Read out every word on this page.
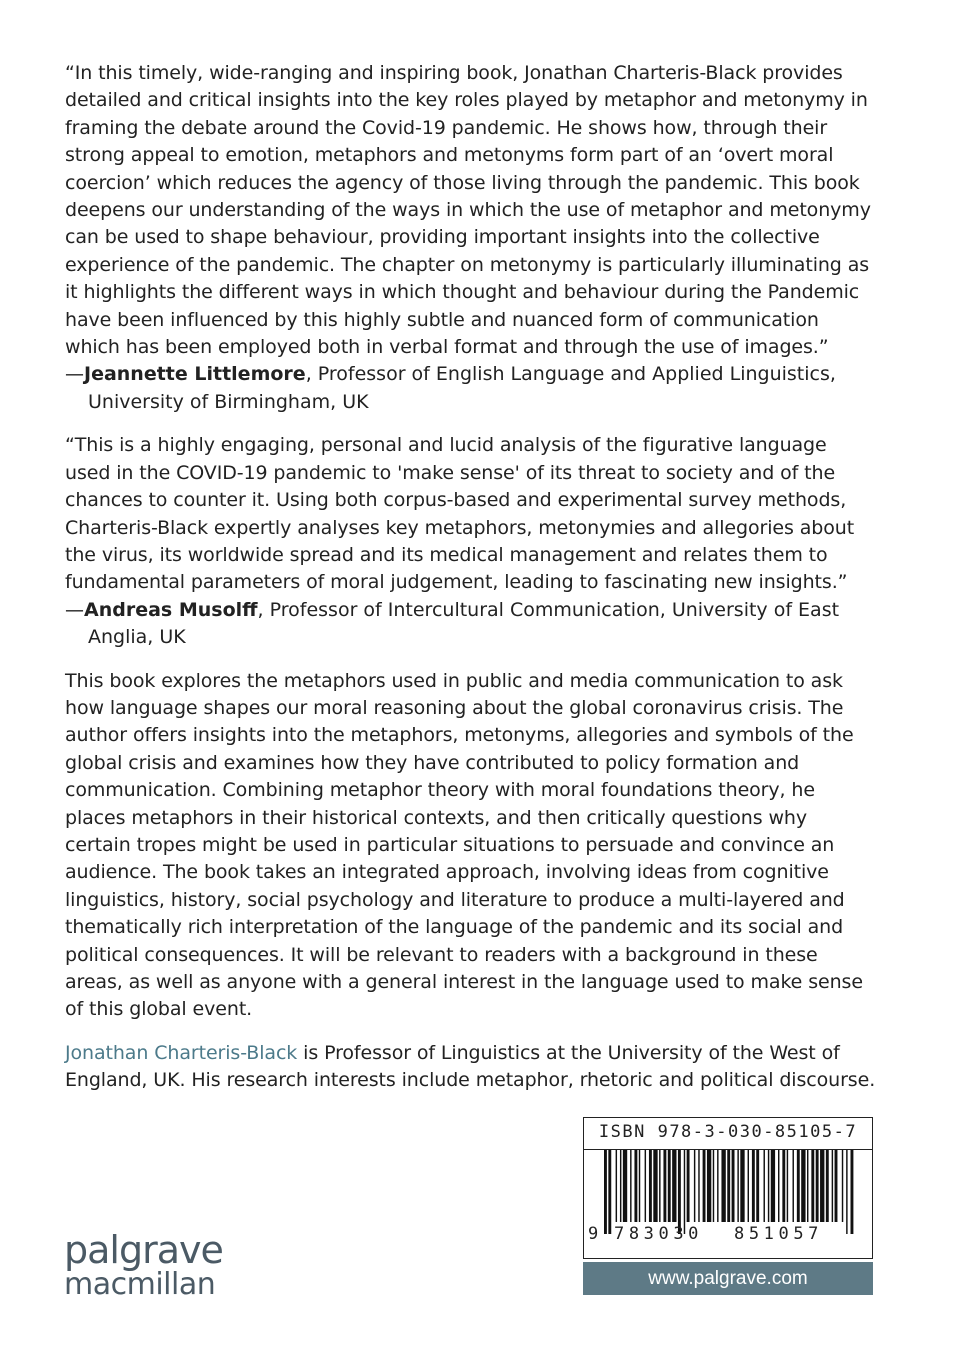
“In this timely, wide-ranging and inspiring book, Jonathan Charteris-Black provides detailed and critical insights into the key roles played by metaphor and metonymy in framing the debate around the Covid-19 pandemic. He shows how, through their strong appeal to emotion, metaphors and metonyms form part of an ‘overt moral coercion’ which reduces the agency of those living through the pandemic. This book deepens our understanding of the ways in which the use of metaphor and metonymy can be used to shape behaviour, providing important insights into the collective experience of the pandemic. The chapter on metonymy is particularly illuminating as it highlights the different ways in which thought and behaviour during the Pandemic have been influenced by this highly subtle and nuanced form of communication which has been employed both in verbal format and through the use of images.”

—Jeannette Littlemore, Professor of English Language and Applied Linguistics, University of Birmingham, UK

“This is a highly engaging, personal and lucid analysis of the figurative language used in the COVID-19 pandemic to 'make sense' of its threat to society and of the chances to counter it. Using both corpus-based and experimental survey methods, Charteris-Black expertly analyses key metaphors, metonymies and allegories about the virus, its worldwide spread and its medical management and relates them to fundamental parameters of moral judgement, leading to fascinating new insights.”

—Andreas Musolff, Professor of Intercultural Communication, University of East Anglia, UK

This book explores the metaphors used in public and media communication to ask how language shapes our moral reasoning about the global coronavirus crisis. The author offers insights into the metaphors, metonyms, allegories and symbols of the global crisis and examines how they have contributed to policy formation and communication. Combining metaphor theory with moral foundations theory, he places metaphors in their historical contexts, and then critically questions why certain tropes might be used in particular situations to persuade and convince an audience. The book takes an integrated approach, involving ideas from cognitive linguistics, history, social psychology and literature to produce a multi-layered and thematically rich interpretation of the language of the pandemic and its social and political consequences. It will be relevant to readers with a background in these areas, as well as anyone with a general interest in the language used to make sense of this global event.

Jonathan Charteris-Black is Professor of Linguistics at the University of the West of England, UK. His research interests include metaphor, rhetoric and political discourse.

palgrave
macmillan
ISBN 978-3-030-85105-7
9 783030 851057
www.palgrave.com
